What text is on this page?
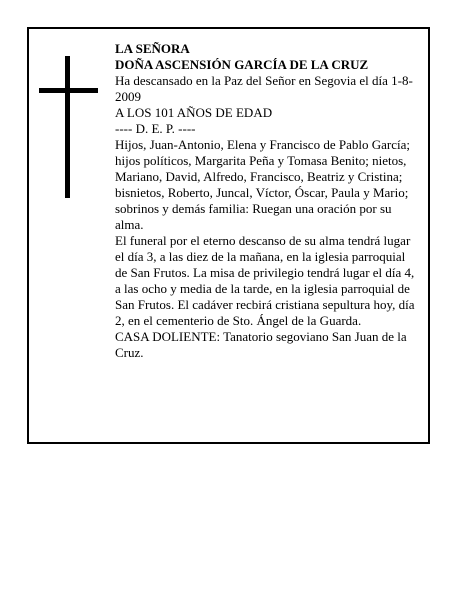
LA SEÑORA

DOÑA ASCENSIÓN GARCÍA DE LA CRUZ

Ha descansado en la Paz del Señor en Segovia el día 1-8-2009

A LOS 101 AÑOS DE EDAD

---- D. E. P. ----

Hijos, Juan-Antonio, Elena y Francisco de Pablo García; hijos políticos, Margarita Peña y Tomasa Benito; nietos, Mariano, David, Alfredo, Francisco, Beatriz y Cristina; bisnietos, Roberto, Juncal, Víctor, Óscar, Paula y Mario; sobrinos y demás familia: Ruegan una oración por su alma.

El funeral por el eterno descanso de su alma tendrá lugar el día 3, a las diez de la mañana, en la iglesia parroquial de San Frutos. La misa de privilegio tendrá lugar el día 4, a las ocho y media de la tarde, en la iglesia parroquial de San Frutos. El cadáver recbirá cristiana sepultura hoy, día 2, en el cementerio de Sto. Ángel de la Guarda.

CASA DOLIENTE: Tanatorio segoviano San Juan de la Cruz.
